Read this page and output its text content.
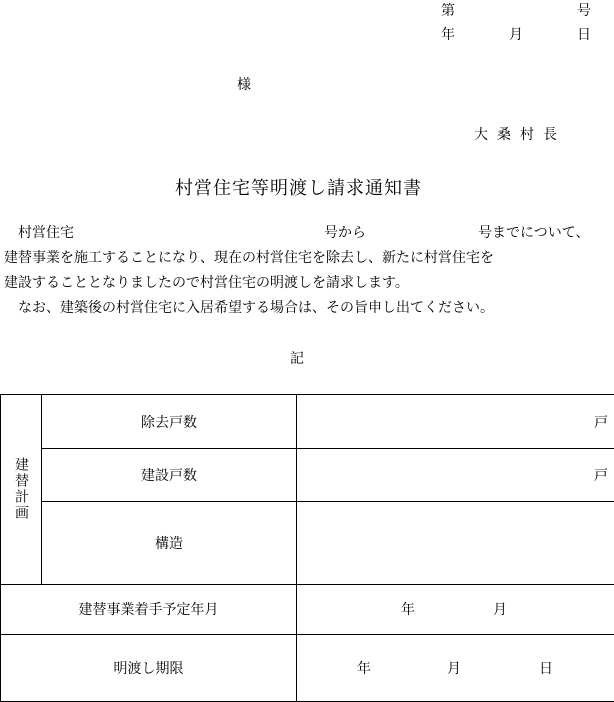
第	号
年	月	日
様
大桑村長
村営住宅等明渡し請求通知書
村営住宅	号から	号までについて、
建替事業を施工することになり、現在の村営住宅を除去し、新たに村営住宅を
建設することとなりましたので村営住宅の明渡しを請求します。
なお、建築後の村営住宅に入居希望する場合は、その旨申し出てください。
記
建替計画	除去戸数	戸
	建設戸数	戸
	構造	
建替事業着手予定年月		年 月

明渡し期限		年 月 日
